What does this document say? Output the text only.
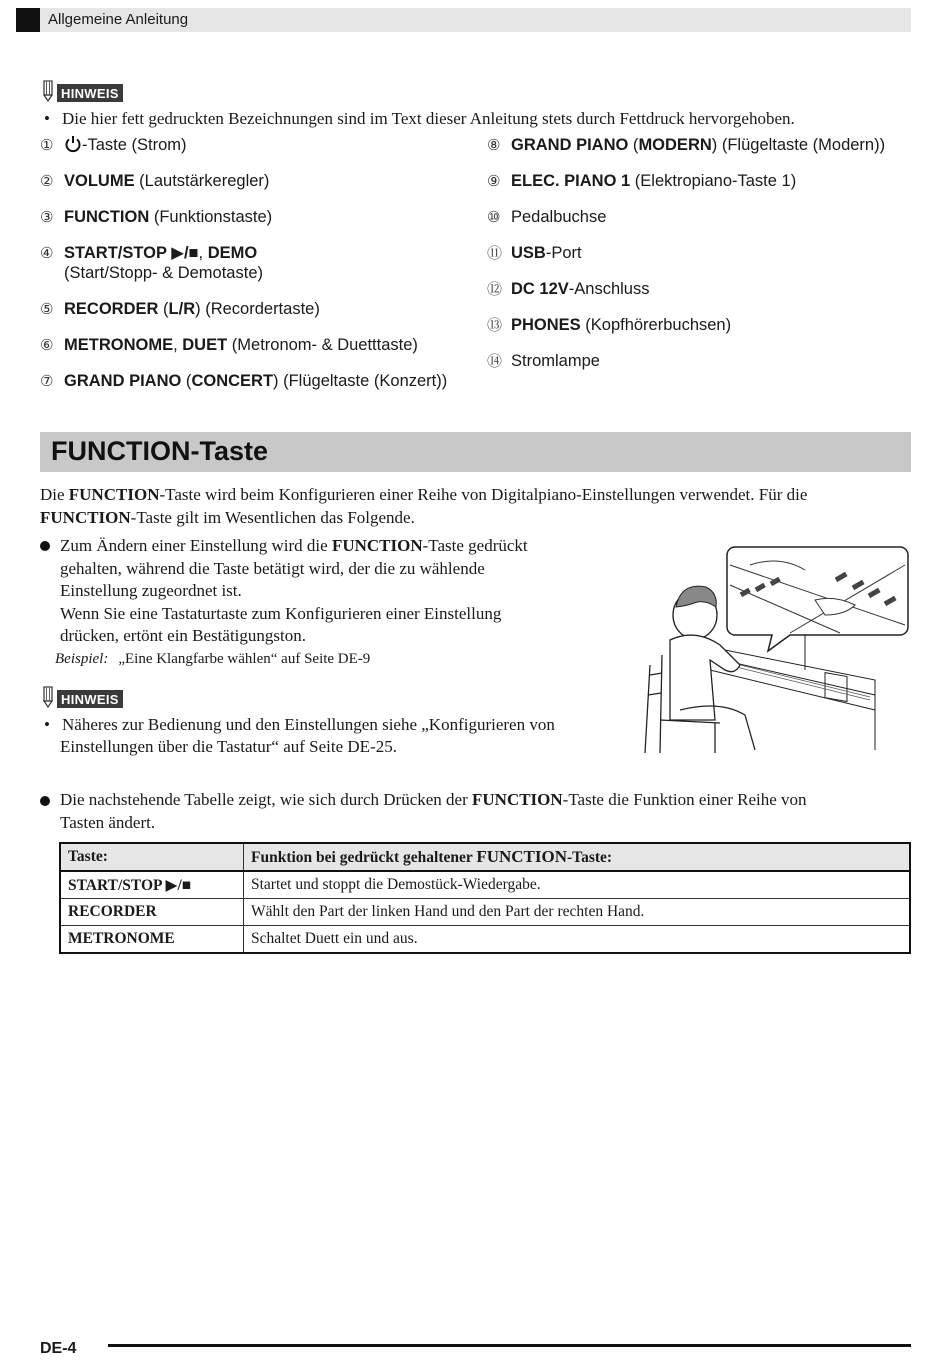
Allgemeine Anleitung
HINWEIS
• Die hier fett gedruckten Bezeichnungen sind im Text dieser Anleitung stets durch Fettdruck hervorgehoben.
①	-Taste (Strom)
② VOLUME (Lautstärkeregler)
③ FUNCTION (Funktionstaste)
④ START/STOP ▶/■, DEMO
(Start/Stopp- & Demotaste)
⑤ RECORDER (L/R) (Recordertaste)
⑥ METRONOME, DUET (Metronom- & Duetttaste)
⑦ GRAND PIANO (CONCERT) (Flügeltaste (Konzert))
⑧ GRAND PIANO (MODERN) (Flügeltaste (Modern))
⑨ ELEC. PIANO 1 (Elektropiano-Taste 1)
⑩ Pedalbuchse
⑪ USB-Port
⑫ DC 12V-Anschluss
⑬ PHONES (Kopfhörerbuchsen)
⑭ Stromlampe
FUNCTION-Taste
Die FUNCTION-Taste wird beim Konfigurieren einer Reihe von Digitalpiano-Einstellungen verwendet. Für die
FUNCTION-Taste gilt im Wesentlichen das Folgende.
Zum Ändern einer Einstellung wird die FUNCTION-Taste gedrückt
gehalten, während die Taste betätigt wird, der die zu wählende
Einstellung zugeordnet ist.
Wenn Sie eine Tastaturtaste zum Konfigurieren einer Einstellung
drücken, ertönt ein Bestätigungston.
Beispiel: „Eine Klangfarbe wählen“ auf Seite DE-9
HINWEIS
• Näheres zur Bedienung und den Einstellungen siehe „Konfigurieren von
Einstellungen über die Tastatur“ auf Seite DE-25.
Die nachstehende Tabelle zeigt, wie sich durch Drücken der FUNCTION-Taste die Funktion einer Reihe von
Tasten ändert.
Taste:	Funktion bei gedrückt gehaltener FUNCTION-Taste:
START/STOP ▶/■	Startet und stoppt die Demostück-Wiedergabe.
RECORDER	Wählt den Part der linken Hand und den Part der rechten Hand.
METRONOME	Schaltet Duett ein und aus.
DE-4
